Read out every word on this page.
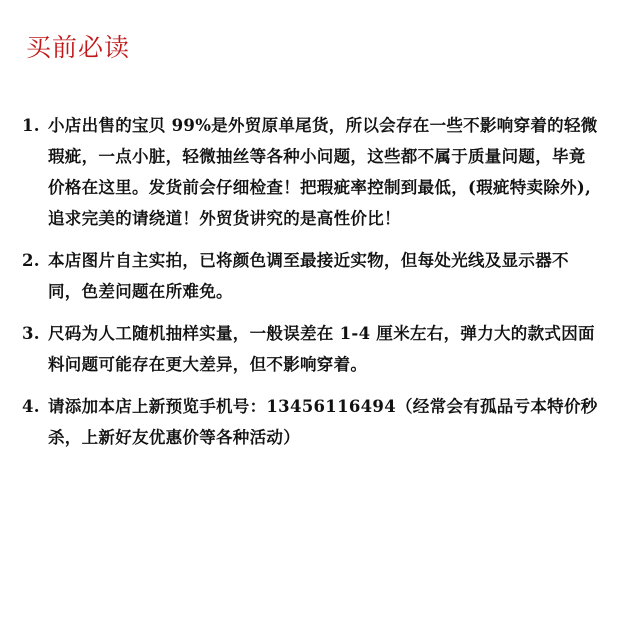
买前必读
1. 小店出售的宝贝 99%是外贸原单尾货，所以会存在一些不影响穿着的轻微瑕疵，一点小脏，轻微抽丝等各种小问题，这些都不属于质量问题，毕竟价格在这里。发货前会仔细检查！把瑕疵率控制到最低，(瑕疵特卖除外),追求完美的请绕道！外贸货讲究的是高性价比！
2. 本店图片自主实拍，已将颜色调至最接近实物，但每处光线及显示器不同，色差问题在所难免。
3. 尺码为人工随机抽样实量，一般误差在 1-4 厘米左右，弹力大的款式因面料问题可能存在更大差异，但不影响穿着。
4. 请添加本店上新预览手机号：13456116494（经常会有孤品亏本特价秒杀，上新好友优惠价等各种活动）
